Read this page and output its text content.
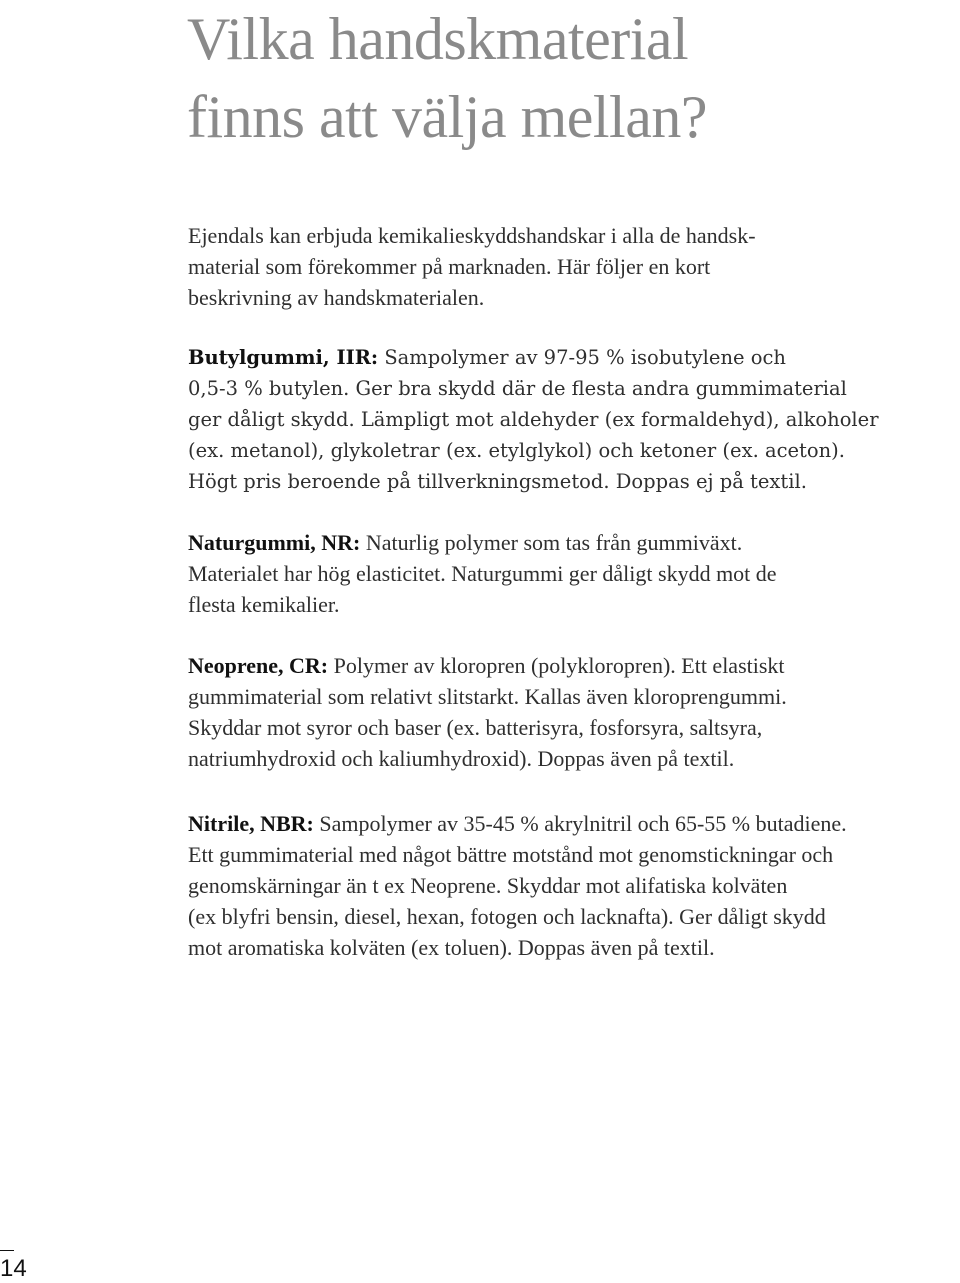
Vilka handskmaterial
finns att välja mellan?

Ejendals kan erbjuda kemikalieskyddshandskar i alla de handsk-
material som förekommer på marknaden. Här följer en kort
beskrivning av handskmaterialen.

Butylgummi, IIR: Sampolymer av 97-95 % isobutylene och
0,5-3 % butylen. Ger bra skydd där de flesta andra gummimaterial
ger dåligt skydd. Lämpligt mot aldehyder (ex formaldehyd), alkoholer
(ex. metanol), glykoletrar (ex. etylglykol) och ketoner (ex. aceton).
Högt pris beroende på tillverkningsmetod. Doppas ej på textil.

Naturgummi, NR: Naturlig polymer som tas från gummiväxt.
Materialet har hög elasticitet. Naturgummi ger dåligt skydd mot de
flesta kemikalier.

Neoprene, CR: Polymer av kloropren (polykloropren). Ett elastiskt
gummimaterial som relativt slitstarkt. Kallas även kloroprengummi.
Skyddar mot syror och baser (ex. batterisyra, fosforsyra, saltsyra,
natriumhydroxid och kaliumhydroxid). Doppas även på textil.

Nitrile, NBR: Sampolymer av 35-45 % akrylnitril och 65-55 % butadiene.
Ett gummimaterial med något bättre motstånd mot genomstickningar och
genomskärningar än t ex Neoprene. Skyddar mot alifatiska kolväten
(ex blyfri bensin, diesel, hexan, fotogen och lacknafta). Ger dåligt skydd
mot aromatiska kolväten (ex toluen). Doppas även på textil.

14
